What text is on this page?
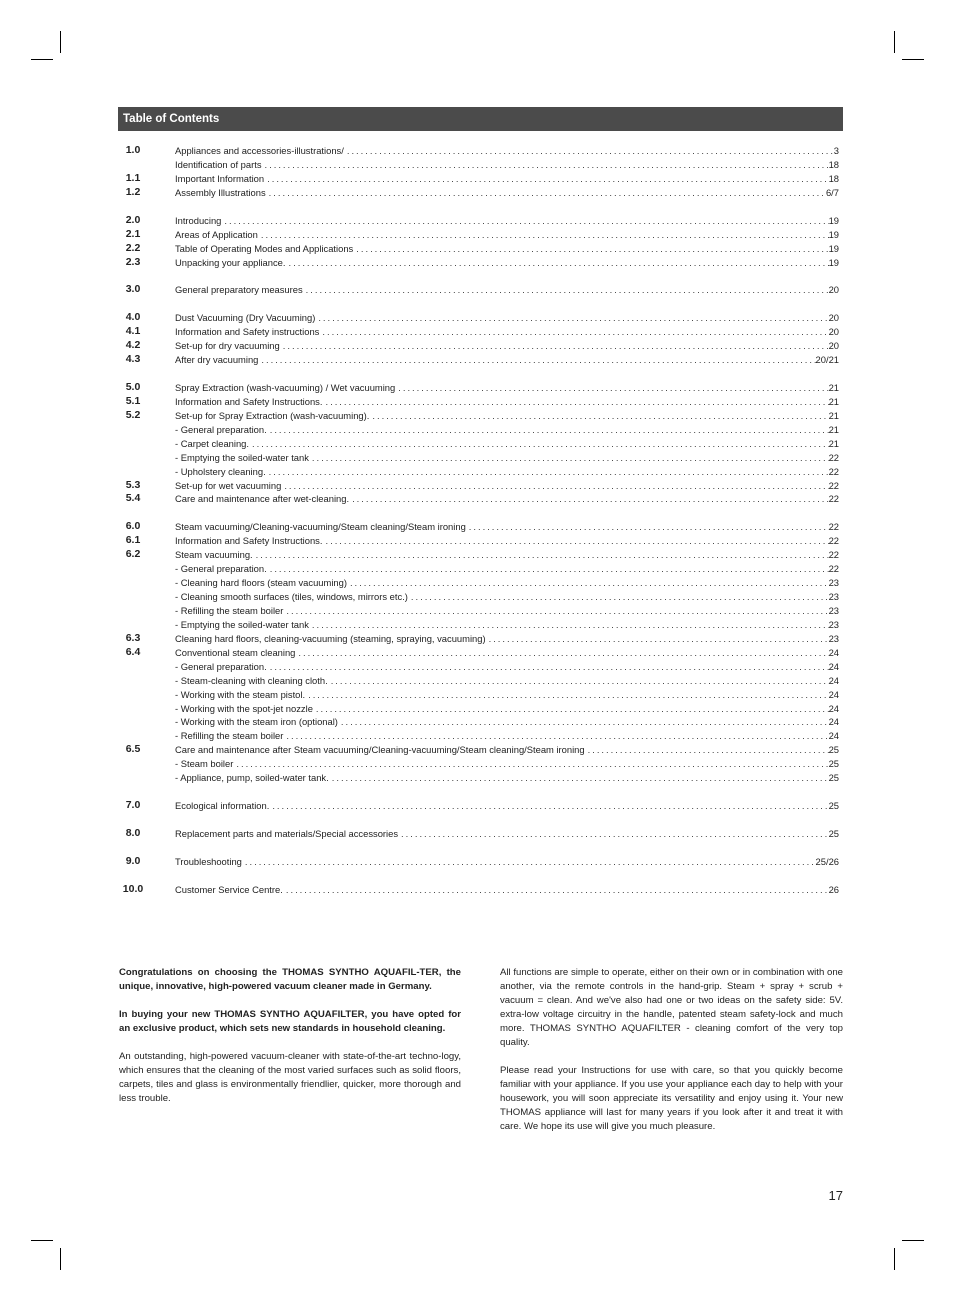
Table of Contents
1.0	Appliances and accessories-illustrations/ .....	3
Identification of parts .....	18
1.1	Important Information .....	18
1.2	Assembly Illustrations .....	6/7
2.0	Introducing .....	19
2.1	Areas of Application .....	19
2.2	Table of Operating Modes and Applications .....	19
2.3	Unpacking your appliance. .....	19
3.0	General preparatory measures .....	20
4.0	Dust Vacuuming (Dry Vacuuming) .....	20
4.1	Information and Safety instructions .....	20
4.2	Set-up for dry vacuuming .....	20
4.3	After dry vacuuming .....	20/21
5.0	Spray Extraction (wash-vacuuming) / Wet vacuuming .....	21
5.1	Information and Safety Instructions. .....	21
5.2	Set-up for Spray Extraction (wash-vacuuming). .....	21
- General preparation. .....	21
- Carpet cleaning. .....	21
- Emptying the soiled-water tank .....	22
- Upholstery cleaning. .....	22
5.3	Set-up for wet vacuuming .....	22
5.4	Care and maintenance after wet-cleaning. .....	22
6.0	Steam vacuuming/Cleaning-vacuuming/Steam cleaning/Steam ironing .....	22
6.1	Information and Safety Instructions. .....	22
6.2	Steam vacuuming. .....	22
- General preparation. .....	22
- Cleaning hard floors (steam vacuuming) .....	23
- Cleaning smooth surfaces (tiles, windows, mirrors etc.) .....	23
- Refilling the steam boiler .....	23
- Emptying the soiled-water tank .....	23
6.3	Cleaning hard floors, cleaning-vacuuming (steaming, spraying, vacuuming) .....	23
6.4	Conventional steam cleaning .....	24
- General preparation. .....	24
- Steam-cleaning with cleaning cloth. .....	24
- Working with the steam pistol. .....	24
- Working with the spot-jet nozzle .....	24
- Working with the steam iron (optional) .....	24
- Refilling the steam boiler .....	24
6.5	Care and maintenance after Steam vacuuming/Cleaning-vacuuming/Steam cleaning/Steam ironing .....	25
- Steam boiler .....	25
- Appliance, pump, soiled-water tank. .....	25
7.0	Ecological information. .....	25
8.0	Replacement parts and materials/Special accessories .....	25
9.0	Troubleshooting .....	25/26
10.0	Customer Service Centre. .....	26

Congratulations on choosing the THOMAS SYNTHO AQUAFIL-TER, the unique, innovative, high-powered vacuum cleaner made in Germany.

In buying your new THOMAS SYNTHO AQUAFILTER, you have opted for an exclusive product, which sets new standards in household cleaning.

An outstanding, high-powered vacuum-cleaner with state-of-the-art techno-logy, which ensures that the cleaning of the most varied surfaces such as solid floors, carpets, tiles and glass is environmentally friendlier, quicker, more thorough and less trouble.

All functions are simple to operate, either on their own or in combination with one another, via the remote controls in the hand-grip. Steam + spray + scrub + vacuum = clean. And we've also had one or two ideas on the safety side: 5V. extra-low voltage circuitry in the handle, patented steam safety-lock and much more. THOMAS SYNTHO AQUAFILTER - cleaning comfort of the very top quality.

Please read your Instructions for use with care, so that you quickly become familiar with your appliance. If you use your appliance each day to help with your housework, you will soon appreciate its versatility and enjoy using it. Your new THOMAS appliance will last for many years if you look after it and treat it with care. We hope its use will give you much pleasure.

17
